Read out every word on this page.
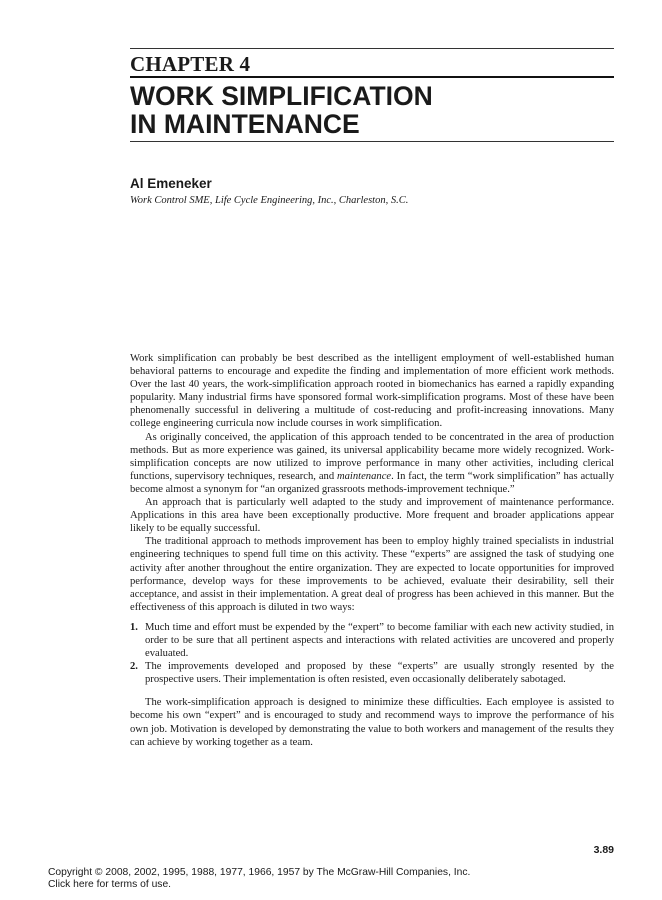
CHAPTER 4
WORK SIMPLIFICATION
IN MAINTENANCE
Al Emeneker
Work Control SME, Life Cycle Engineering, Inc., Charleston, S.C.

Work simplification can probably be best described as the intelligent employment of well-established human behavioral patterns to encourage and expedite the finding and implementation of more efficient work methods. Over the last 40 years, the work-simplification approach rooted in biomechanics has earned a rapidly expanding popularity. Many industrial firms have sponsored formal work-simplification programs. Most of these have been phenomenally successful in delivering a multitude of cost-reducing and profit-increasing innovations. Many college engineering curricula now include courses in work simplification.

As originally conceived, the application of this approach tended to be concentrated in the area of production methods. But as more experience was gained, its universal applicability became more widely recognized. Work-simplification concepts are now utilized to improve performance in many other activities, including clerical functions, supervisory techniques, research, and maintenance. In fact, the term “work simplification” has actually become almost a synonym for “an organized grassroots methods-improvement technique.”

An approach that is particularly well adapted to the study and improvement of maintenance performance. Applications in this area have been exceptionally productive. More frequent and broader applications appear likely to be equally successful.

The traditional approach to methods improvement has been to employ highly trained specialists in industrial engineering techniques to spend full time on this activity. These “experts” are assigned the task of studying one activity after another throughout the entire organization. They are expected to locate opportunities for improved performance, develop ways for these improvements to be achieved, evaluate their desirability, sell their acceptance, and assist in their implementation. A great deal of progress has been achieved in this manner. But the effectiveness of this approach is diluted in two ways:

1. Much time and effort must be expended by the “expert” to become familiar with each new activity studied, in order to be sure that all pertinent aspects and interactions with related activities are uncovered and properly evaluated.
2. The improvements developed and proposed by these “experts” are usually strongly resented by the prospective users. Their implementation is often resisted, even occasionally deliberately sabotaged.

The work-simplification approach is designed to minimize these difficulties. Each employee is assisted to become his own “expert” and is encouraged to study and recommend ways to improve the performance of his own job. Motivation is developed by demonstrating the value to both workers and management of the results they can achieve by working together as a team.

3.89
Copyright © 2008, 2002, 1995, 1988, 1977, 1966, 1957 by The McGraw-Hill Companies, Inc.
Click here for terms of use.
